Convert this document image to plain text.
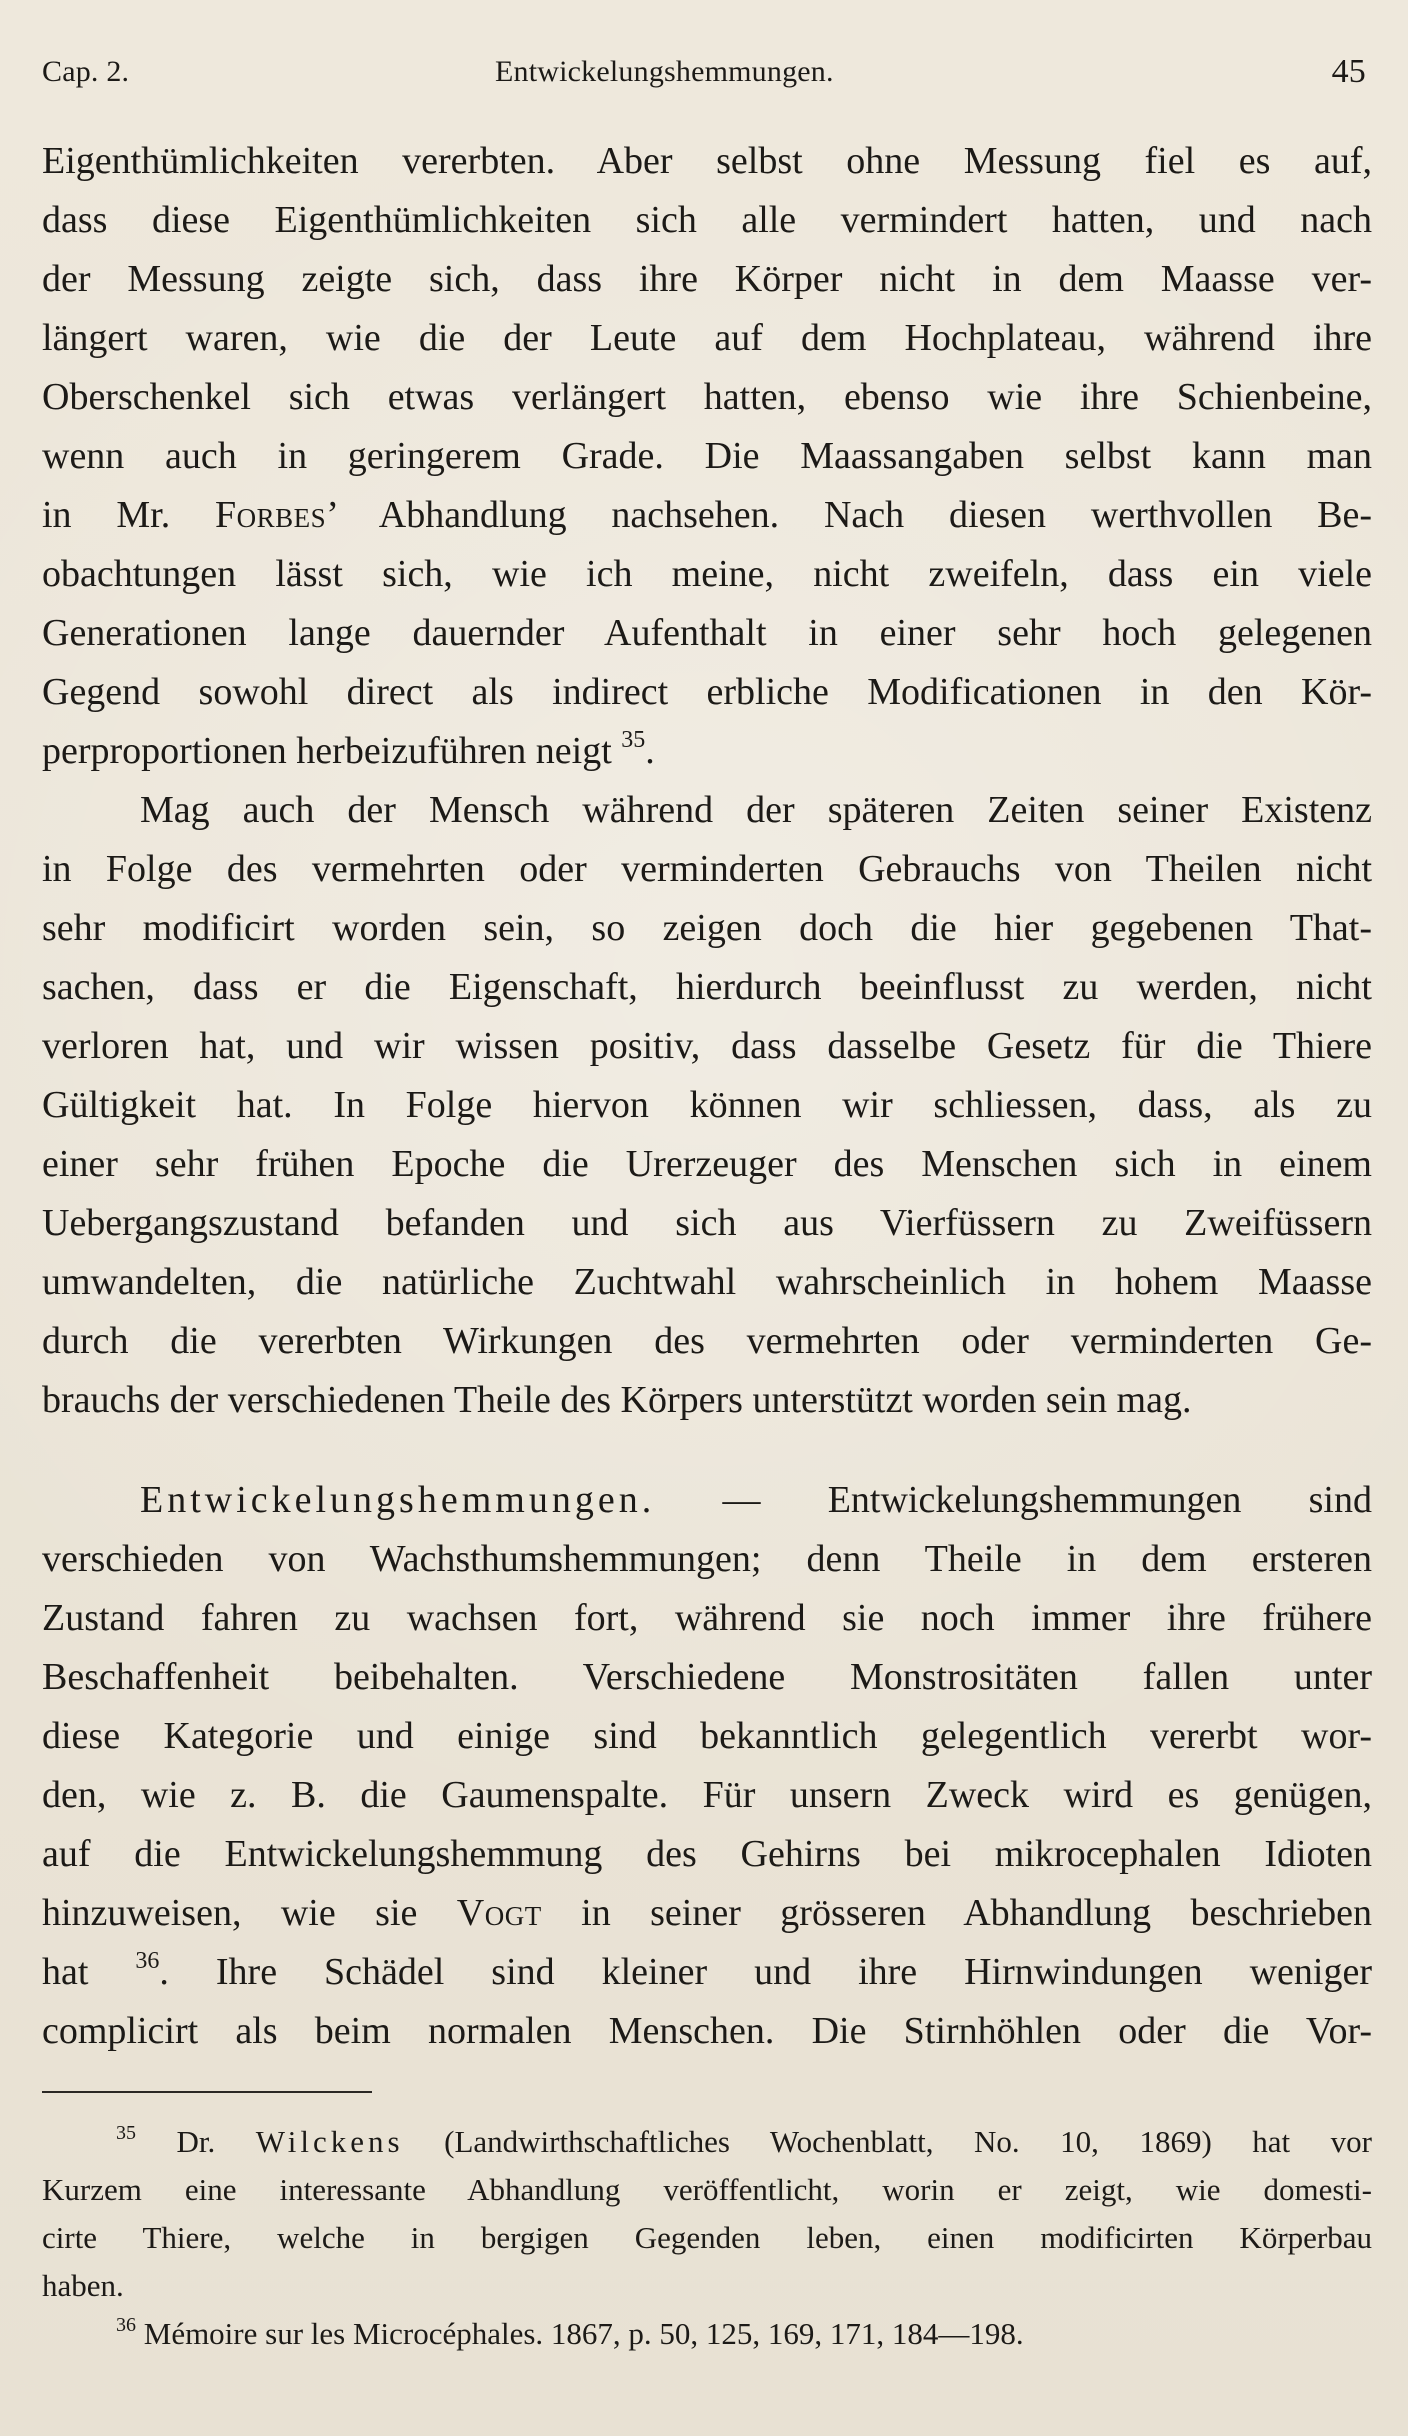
Cap. 2.	Entwickelungshemmungen.	45
Eigenthümlichkeiten vererbten. Aber selbst ohne Messung fiel es auf,
dass diese Eigenthümlichkeiten sich alle vermindert hatten, und nach
der Messung zeigte sich, dass ihre Körper nicht in dem Maasse ver-
längert waren, wie die der Leute auf dem Hochplateau, während ihre
Oberschenkel sich etwas verlängert hatten, ebenso wie ihre Schienbeine,
wenn auch in geringerem Grade. Die Maassangaben selbst kann man
in Mr. Forbes’ Abhandlung nachsehen. Nach diesen werthvollen Be-
obachtungen lässt sich, wie ich meine, nicht zweifeln, dass ein viele
Generationen lange dauernder Aufenthalt in einer sehr hoch gelegenen
Gegend sowohl direct als indirect erbliche Modificationen in den Kör-
perproportionen herbeizuführen neigt $^{35}$.
Mag auch der Mensch während der späteren Zeiten seiner Existenz
in Folge des vermehrten oder verminderten Gebrauchs von Theilen nicht
sehr modificirt worden sein, so zeigen doch die hier gegebenen That-
sachen, dass er die Eigenschaft, hierdurch beeinflusst zu werden, nicht
verloren hat, und wir wissen positiv, dass dasselbe Gesetz für die Thiere
Gültigkeit hat. In Folge hiervon können wir schliessen, dass, als zu
einer sehr frühen Epoche die Urerzeuger des Menschen sich in einem
Uebergangszustand befanden und sich aus Vierfüssern zu Zweifüssern
umwandelten, die natürliche Zuchtwahl wahrscheinlich in hohem Maasse
durch die vererbten Wirkungen des vermehrten oder verminderten Ge-
brauchs der verschiedenen Theile des Körpers unterstützt worden sein mag.
Entwickelungshemmungen. — Entwickelungshemmungen sind
verschieden von Wachsthumshemmungen; denn Theile in dem ersteren
Zustand fahren zu wachsen fort, während sie noch immer ihre frühere
Beschaffenheit beibehalten. Verschiedene Monstrositäten fallen unter
diese Kategorie und einige sind bekanntlich gelegentlich vererbt wor-
den, wie z. B. die Gaumenspalte. Für unsern Zweck wird es genügen,
auf die Entwickelungshemmung des Gehirns bei mikrocephalen Idioten
hinzuweisen, wie sie Vogt in seiner grösseren Abhandlung beschrieben
hat $^{36}$. Ihre Schädel sind kleiner und ihre Hirnwindungen weniger
complicirt als beim normalen Menschen. Die Stirnhöhlen oder die Vor-
$^{35}$ Dr. Wilckens (Landwirthschaftliches Wochenblatt, No. 10, 1869) hat vor
Kurzem eine interessante Abhandlung veröffentlicht, worin er zeigt, wie domesti-
cirte Thiere, welche in bergigen Gegenden leben, einen modificirten Körperbau
haben.
$^{36}$ Mémoire sur les Microcéphales. 1867, p. 50, 125, 169, 171, 184—198.
